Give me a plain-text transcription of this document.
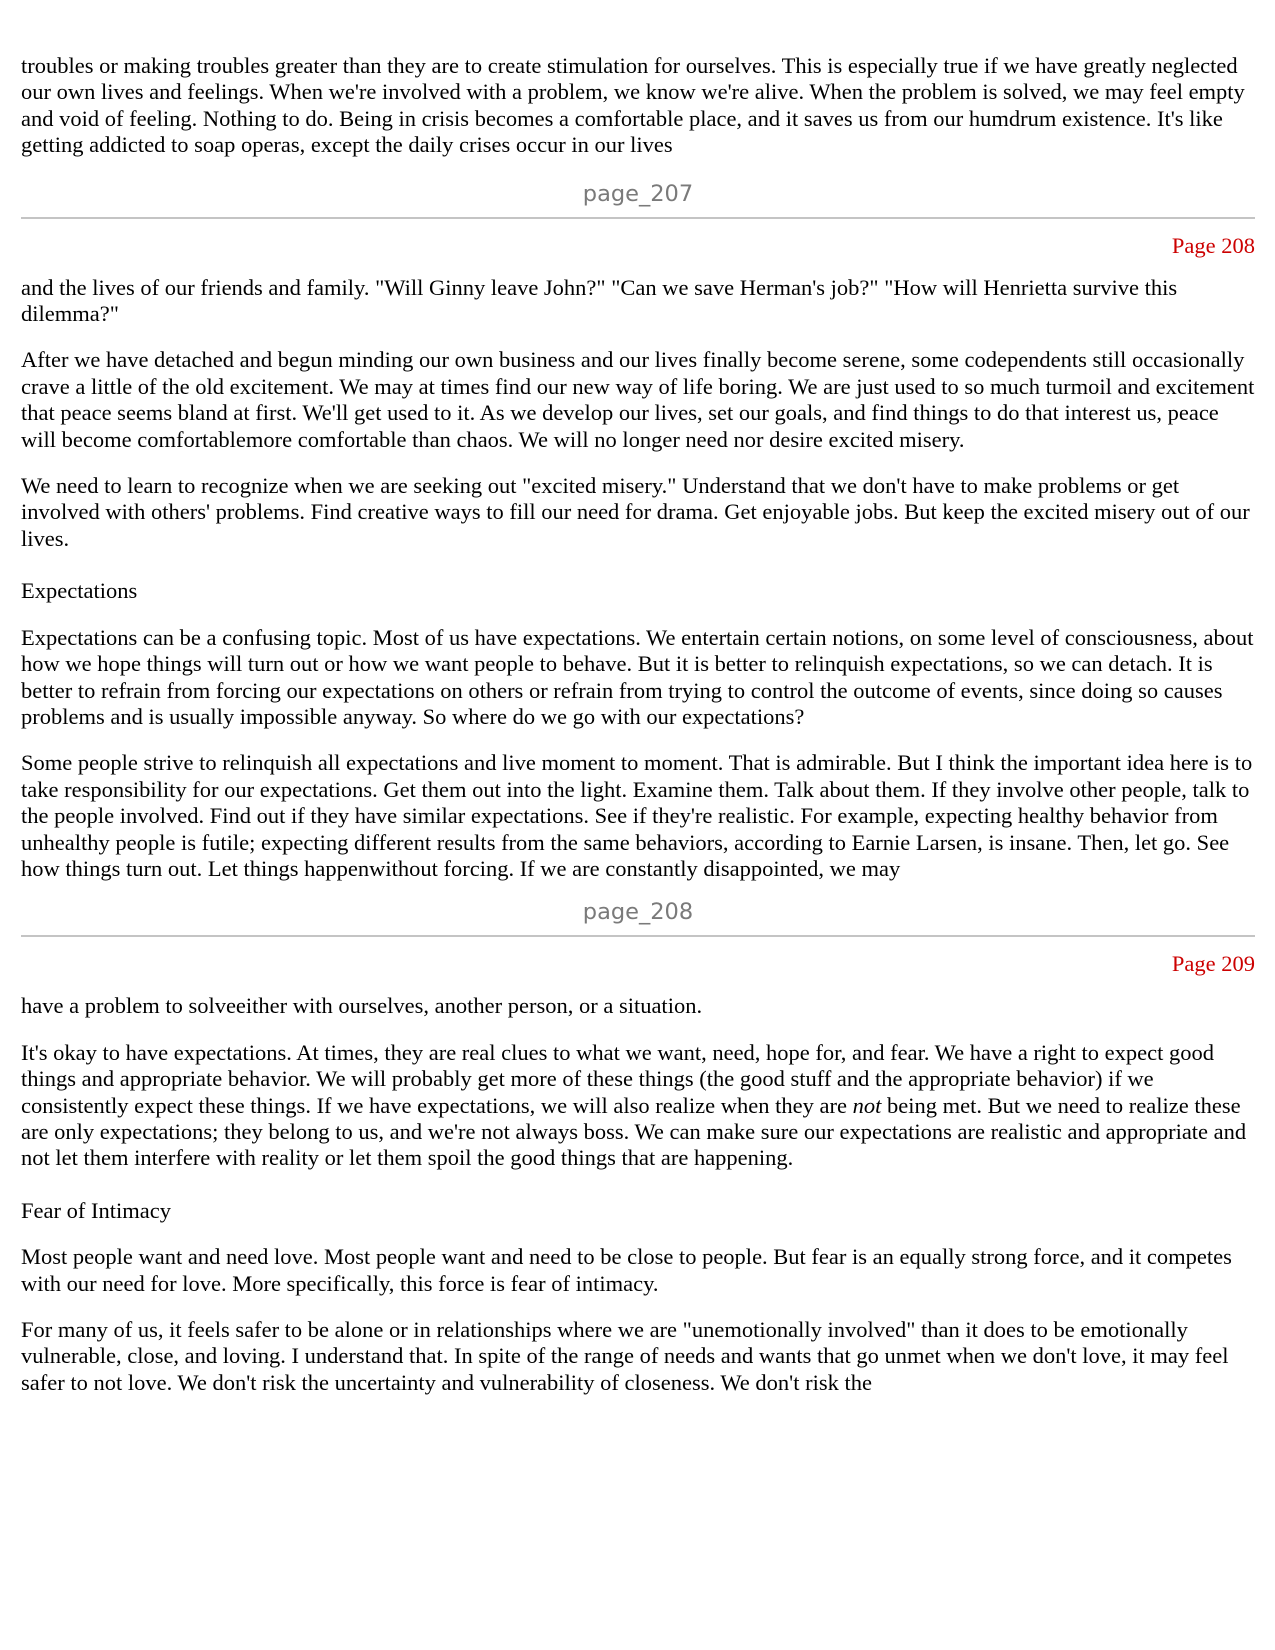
troubles or making troubles greater than they are to create stimulation for ourselves. This is especially true if we have greatly neglected our own lives and feelings. When we're involved with a problem, we know we're alive. When the problem is solved, we may feel empty and void of feeling. Nothing to do. Being in crisis becomes a comfortable place, and it saves us from our humdrum existence. It's like getting addicted to soap operas, except the daily crises occur in our lives

page_207
Page 208

and the lives of our friends and family. "Will Ginny leave John?" "Can we save Herman's job?" "How will Henrietta survive this dilemma?"

After we have detached and begun minding our own business and our lives finally become serene, some codependents still occasionally crave a little of the old excitement. We may at times find our new way of life boring. We are just used to so much turmoil and excitement that peace seems bland at first. We'll get used to it. As we develop our lives, set our goals, and find things to do that interest us, peace will become comfortablemore comfortable than chaos. We will no longer need nor desire excited misery.

We need to learn to recognize when we are seeking out "excited misery." Understand that we don't have to make problems or get involved with others' problems. Find creative ways to fill our need for drama. Get enjoyable jobs. But keep the excited misery out of our lives.

Expectations

Expectations can be a confusing topic. Most of us have expectations. We entertain certain notions, on some level of consciousness, about how we hope things will turn out or how we want people to behave. But it is better to relinquish expectations, so we can detach. It is better to refrain from forcing our expectations on others or refrain from trying to control the outcome of events, since doing so causes problems and is usually impossible anyway. So where do we go with our expectations?

Some people strive to relinquish all expectations and live moment to moment. That is admirable. But I think the important idea here is to take responsibility for our expectations. Get them out into the light. Examine them. Talk about them. If they involve other people, talk to the people involved. Find out if they have similar expectations. See if they're realistic. For example, expecting healthy behavior from unhealthy people is futile; expecting different results from the same behaviors, according to Earnie Larsen, is insane. Then, let go. See how things turn out. Let things happenwithout forcing. If we are constantly disappointed, we may

page_208
Page 209

have a problem to solveeither with ourselves, another person, or a situation.

It's okay to have expectations. At times, they are real clues to what we want, need, hope for, and fear. We have a right to expect good things and appropriate behavior. We will probably get more of these things (the good stuff and the appropriate behavior) if we consistently expect these things. If we have expectations, we will also realize when they are not being met. But we need to realize these are only expectations; they belong to us, and we're not always boss. We can make sure our expectations are realistic and appropriate and not let them interfere with reality or let them spoil the good things that are happening.

Fear of Intimacy

Most people want and need love. Most people want and need to be close to people. But fear is an equally strong force, and it competes with our need for love. More specifically, this force is fear of intimacy.

For many of us, it feels safer to be alone or in relationships where we are "unemotionally involved" than it does to be emotionally vulnerable, close, and loving. I understand that. In spite of the range of needs and wants that go unmet when we don't love, it may feel safer to not love. We don't risk the uncertainty and vulnerability of closeness. We don't risk the
